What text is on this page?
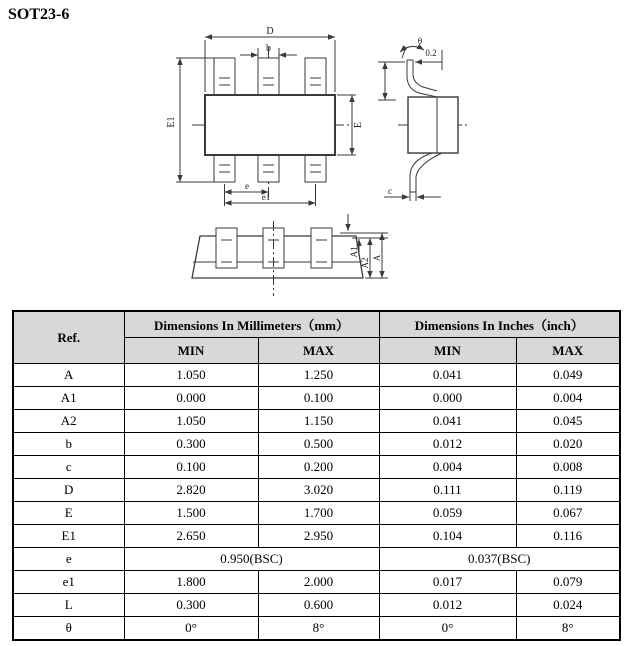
SOT23-6
D
b
E1	E
e
e1
θ
0.2
c
A1
A2 A
Ref.	Dimensions In Millimeters（mm）		Dimensions In Inches（inch）	
	MIN	MAX	MIN	MAX
A	1.050	1.250	0.041	0.049
A1	0.000	0.100	0.000	0.004
A2	1.050	1.150	0.041	0.045
b	0.300	0.500	0.012	0.020
c	0.100	0.200	0.004	0.008
D	2.820	3.020	0.111	0.119
E	1.500	1.700	0.059	0.067
E1	2.650	2.950	0.104	0.116
e	0.950(BSC)		0.037(BSC)	
e1	1.800	2.000	0.017	0.079
L	0.300	0.600	0.012	0.024
θ	0°	8°	0°	8°
